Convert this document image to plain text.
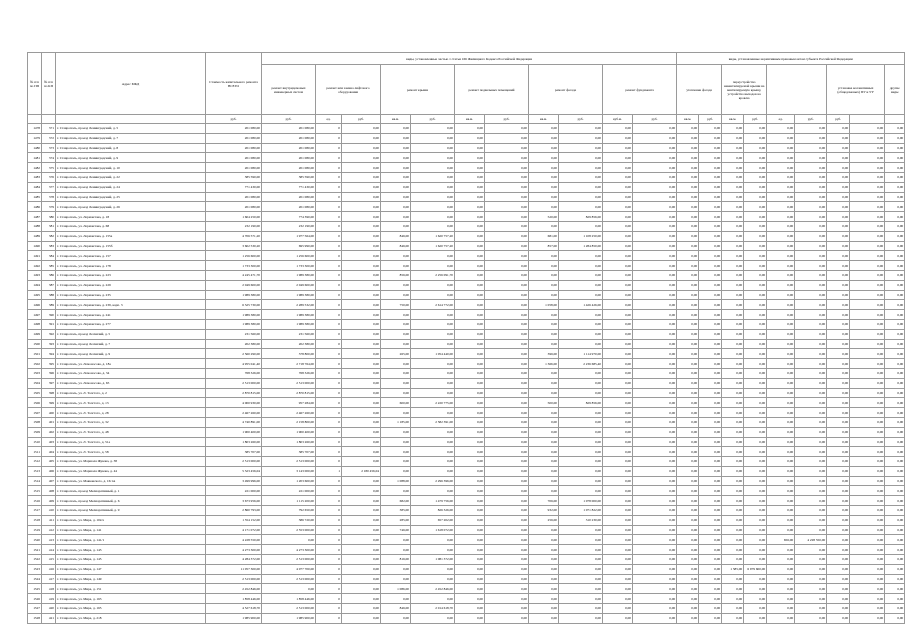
№ п/п по ПП	№ п/п по КП	Адрес МКД	Стоимость капитального ремонта ВСЕГО	виды, установленные частью 1 статьи 166 Жилищного Кодекса Российской Федерации											виды, установленные нормативным правовым актом субъекта Российской Федерации								
				ремонт внутридомовых инженерных систем	ремонт или замена лифтового оборудования		ремонт крыши		ремонт подвальных помещений		ремонт фасада		ремонт фундамента		утепление фасада		переустройство невентилируемой крыши на вентилируемую крышу, устройство выходов на кровлю				установка коллективных (общедомовых) ПУ и УУ		другие виды
			руб.	руб.	ед.	руб.	кв.м.	руб.	кв.м.	руб.	кв.м.	руб.	куб.м.	руб.	кв.м.	руб.	кв.м.	руб.	ед.	руб.	руб.		
1478	371	г. Ставрополь, проезд Ленинградский, д. 5	201 080,00	201 080,00	0	0,00	0,00	0,00	0,00	0,00	0,00	0,00	0,00	0,00	0,00	0,00	0,00	0,00	0,00	0,00	0,00	0,00	0,00
1479	372	г. Ставрополь, проезд Ленинградский, д. 7	201 080,00	201 080,00	0	0,00	0,00	0,00	0,00	0,00	0,00	0,00	0,00	0,00	0,00	0,00	0,00	0,00	0,00	0,00	0,00	0,00	0,00
1480	373	г. Ставрополь, проезд Ленинградский, д. 8	201 080,00	201 080,00	0	0,00	0,00	0,00	0,00	0,00	0,00	0,00	0,00	0,00	0,00	0,00	0,00	0,00	0,00	0,00	0,00	0,00	0,00
1481	374	г. Ставрополь, проезд Ленинградский, д. 9	201 080,00	201 080,00	0	0,00	0,00	0,00	0,00	0,00	0,00	0,00	0,00	0,00	0,00	0,00	0,00	0,00	0,00	0,00	0,00	0,00	0,00
1482	375	г. Ставрополь, проезд Ленинградский, д. 10	201 080,00	201 080,00	0	0,00	0,00	0,00	0,00	0,00	0,00	0,00	0,00	0,00	0,00	0,00	0,00	0,00	0,00	0,00	0,00	0,00	0,00
1483	376	г. Ставрополь, проезд Ленинградский, д. 22	385 590,00	385 590,00	0	0,00	0,00	0,00	0,00	0,00	0,00	0,00	0,00	0,00	0,00	0,00	0,00	0,00	0,00	0,00	0,00	0,00	0,00
1484	377	г. Ставрополь, проезд Ленинградский, д. 24	771 430,00	771 430,00	0	0,00	0,00	0,00	0,00	0,00	0,00	0,00	0,00	0,00	0,00	0,00	0,00	0,00	0,00	0,00	0,00	0,00	0,00
1485	378	г. Ставрополь, проезд Ленинградский, д. 25	201 080,00	201 080,00	0	0,00	0,00	0,00	0,00	0,00	0,00	0,00	0,00	0,00	0,00	0,00	0,00	0,00	0,00	0,00	0,00	0,00	0,00
1486	379	г. Ставрополь, проезд Ленинградский, д. 26	201 080,00	201 080,00	0	0,00	0,00	0,00	0,00	0,00	0,00	0,00	0,00	0,00	0,00	0,00	0,00	0,00	0,00	0,00	0,00	0,00	0,00
1487	380	г. Ставрополь, ул. Лермонтова, д. 18	1 604 250,00	774 390,00	0	0,00	0,00	0,00	0,00	0,00	520,00	829 856,00	0,00	0,00	0,00	0,00	0,00	0,00	0,00	0,00	0,00	0,00	0,00
1488	381	г. Ставрополь, ул. Лермонтова, д. 68	232 190,00	232 190,00	0	0,00	0,00	0,00	0,00	0,00	0,00	0,00	0,00	0,00	0,00	0,00	0,00	0,00	0,00	0,00	0,00	0,00	0,00
1489	382	г. Ставрополь, ул. Лермонтова, д. 155а	4 706 571,20	1 977 564,00	0	0,00	846,00	1 620 757,20	0,00	0,00	681,00	1 108 250,00	0,00	0,00	0,00	0,00	0,00	0,00	0,00	0,00	0,00	0,00	0,00
1490	383	г. Ставрополь, ул. Лермонтова, д. 155б	3 602 530,20	695 990,00	0	0,00	846,00	1 620 757,20	0,00	0,00	857,00	1 284 850,00	0,00	0,00	0,00	0,00	0,00	0,00	0,00	0,00	0,00	0,00	0,00
1491	384	г. Ставрополь, ул. Лермонтова, д. 157	1 256 600,00	1 256 600,00	0	0,00	0,00	0,00	0,00	0,00	0,00	0,00	0,00	0,00	0,00	0,00	0,00	0,00	0,00	0,00	0,00	0,00	0,00
1492	385	г. Ставрополь, ул. Лермонтова, д. 178	1 733 300,00	1 733 300,00	0	0,00	0,00	0,00	0,00	0,00	0,00	0,00	0,00	0,00	0,00	0,00	0,00	0,00	0,00	0,00	0,00	0,00	0,00
1493	386	г. Ставрополь, ул. Лермонтова, д. 223	4 245 471,70	1 989 380,00	0	0,00	856,00	2 256 091,70	0,00	0,00	0,00	0,00	0,00	0,00	0,00	0,00	0,00	0,00	0,00	0,00	0,00	0,00	0,00
1494	387	г. Ставрополь, ул. Лермонтова, д. 229	2 049 600,00	2 049 600,00	0	0,00	0,00	0,00	0,00	0,00	0,00	0,00	0,00	0,00	0,00	0,00	0,00	0,00	0,00	0,00	0,00	0,00	0,00
1495	388	г. Ставрополь, ул. Лермонтова, д. 235	1 989 380,00	1 989 380,00	0	0,00	0,00	0,00	0,00	0,00	0,00	0,00	0,00	0,00	0,00	0,00	0,00	0,00	0,00	0,00	0,00	0,00	0,00
1496	389	г. Ставрополь, ул. Лермонтова, д. 239, корп. 3	6 325 730,00	2 289 532,00	0	0,00	750,00	2 614 772,00	0,00	0,00	1 058,00	1 426 426,00	0,00	0,00	0,00	0,00	0,00	0,00	0,00	0,00	0,00	0,00	0,00
1497	390	г. Ставрополь, ул. Лермонтова, д. 241	1 989 380,00	1 989 380,00	0	0,00	0,00	0,00	0,00	0,00	0,00	0,00	0,00	0,00	0,00	0,00	0,00	0,00	0,00	0,00	0,00	0,00	0,00
1498	391	г. Ставрополь, ул. Лермонтова, д. 277	1 989 380,00	1 989 380,00	0	0,00	0,00	0,00	0,00	0,00	0,00	0,00	0,00	0,00	0,00	0,00	0,00	0,00	0,00	0,00	0,00	0,00	0,00
1499	392	г. Ставрополь, проезд Лесничий, д. 5	231 560,00	231 560,00	0	0,00	0,00	0,00	0,00	0,00	0,00	0,00	0,00	0,00	0,00	0,00	0,00	0,00	0,00	0,00	0,00	0,00	0,00
1500	393	г. Ставрополь, проезд Лесничий, д. 7	202 380,00	202 380,00	0	0,00	0,00	0,00	0,00	0,00	0,00	0,00	0,00	0,00	0,00	0,00	0,00	0,00	0,00	0,00	0,00	0,00	0,00
1501	394	г. Ставрополь, проезд Лесничий, д. 9	2 560 290,00	378 800,00	0	0,00	265,00	1 054 440,00	0,00	0,00	396,00	1 114 970,00	0,00	0,00	0,00	0,00	0,00	0,00	0,00	0,00	0,00	0,00	0,00
1502	395	г. Ставрополь, ул. Ломоносова, д. 18а	4 955 041,40	2 718 764,00	0	0,00	0,00	0,00	0,00	0,00	1 366,00	2 236 685,40	0,00	0,00	0,00	0,00	0,00	0,00	0,00	0,00	0,00	0,00	0,00
1503	396	г. Ставрополь, ул. Ломоносова, д. 34	768 326,00	768 326,00	0	0,00	0,00	0,00	0,00	0,00	0,00	0,00	0,00	0,00	0,00	0,00	0,00	0,00	0,00	0,00	0,00	0,00	0,00
1504	397	г. Ставрополь, ул. Ломоносова, д. 65	2 513 000,00	2 513 000,00	0	0,00	0,00	0,00	0,00	0,00	0,00	0,00	0,00	0,00	0,00	0,00	0,00	0,00	0,00	0,00	0,00	0,00	0,00
1505	398	г. Ставрополь, ул. Л. Толстого, д. 2	2 870 815,00	2 870 815,00	0	0,00	0,00	0,00	0,00	0,00	0,00	0,00	0,00	0,00	0,00	0,00	0,00	0,00	0,00	0,00	0,00	0,00	0,00
1506	399	г. Ставрополь, ул. Л. Толстого, д. 13	4 000 930,00	957 284,00	0	0,00	600,00	2 220 775,00	0,00	0,00	500,00	829 856,00	0,00	0,00	0,00	0,00	0,00	0,00	0,00	0,00	0,00	0,00	0,00
1507	400	г. Ставрополь, ул. Л. Толстого, д. 28	2 467 260,00	2 467 260,00	0	0,00	0,00	0,00	0,00	0,00	0,00	0,00	0,00	0,00	0,00	0,00	0,00	0,00	0,00	0,00	0,00	0,00	0,00
1508	401	г. Ставрополь, ул. Л. Толстого, д. 32	4 740 891,00	2 158 800,00	0	0,00	1 185,00	2 582 391,00	0,00	0,00	0,00	0,00	0,00	0,00	0,00	0,00	0,00	0,00	0,00	0,00	0,00	0,00	0,00
1509	402	г. Ставрополь, ул. Л. Толстого, д. 48	1 900 400,00	1 900 400,00	0	0,00	0,00	0,00	0,00	0,00	0,00	0,00	0,00	0,00	0,00	0,00	0,00	0,00	0,00	0,00	0,00	0,00	0,00
1510	403	г. Ставрополь, ул. Л. Толстого, д. 51а	1 803 260,00	1 803 260,00	0	0,00	0,00	0,00	0,00	0,00	0,00	0,00	0,00	0,00	0,00	0,00	0,00	0,00	0,00	0,00	0,00	0,00	0,00
1511	404	г. Ставрополь, ул. Л. Толстого, д. 58	385 707,00	385 707,00	0	0,00	0,00	0,00	0,00	0,00	0,00	0,00	0,00	0,00	0,00	0,00	0,00	0,00	0,00	0,00	0,00	0,00	0,00
1512	405	г. Ставрополь, ул. Маршала Жукова, д. 38	2 513 000,00	2 513 000,00	0	0,00	0,00	0,00	0,00	0,00	0,00	0,00	0,00	0,00	0,00	0,00	0,00	0,00	0,00	0,00	0,00	0,00	0,00
1513	406	г. Ставрополь, ул. Маршала Жукова, д. 44	5 323 456,04	3 143 000,00	1	2 180 456,04	0,00	0,00	0,00	0,00	0,00	0,00	0,00	0,00	0,00	0,00	0,00	0,00	0,00	0,00	0,00	0,00	0,00
1514	407	г. Ставрополь, ул. Маяковского, д. 16/1А	3 499 996,00	1 203 600,00	0	0,00	1 088,00	2 296 396,00	0,00	0,00	0,00	0,00	0,00	0,00	0,00	0,00	0,00	0,00	0,00	0,00	0,00	0,00	0,00
1515	408	г. Ставрополь, проезд Мелиоративный, д. 1	221 000,00	221 000,00	0	0,00	0,00	0,00	0,00	0,00	0,00	0,00	0,00	0,00	0,00	0,00	0,00	0,00	0,00	0,00	0,00	0,00	0,00
1516	409	г. Ставрополь, проезд Мелиоративный, д. 6	3 673 956,00	1 115 200,00	0	0,00	682,00	1 479 756,00	0,00	0,00	706,00	1 078 000,00	0,00	0,00	0,00	0,00	0,00	0,00	0,00	0,00	0,00	0,00	0,00
1517	410	г. Ставрополь, проезд Мелиоративный, д. 9	2 860 793,00	792 650,00	0	0,00	385,00	826 326,00	0,00	0,00	932,00	1 071 822,00	0,00	0,00	0,00	0,00	0,00	0,00	0,00	0,00	0,00	0,00	0,00
1518	411	г. Ставрополь, ул. Мира, д. 102/а	1 354 152,00	386 720,00	0	0,00	285,00	657 202,00	0,00	0,00	256,00	310 230,00	0,00	0,00	0,00	0,00	0,00	0,00	0,00	0,00	0,00	0,00	0,00
1519	412	г. Ставрополь, ул. Мира, д. 141	4 171 072,00	2 553 000,00	0	0,00	746,00	1 618 072,00	0,00	0,00	0,00	0,00	0,00	0,00	0,00	0,00	0,00	0,00	0,00	0,00	0,00	0,00	0,00
1520	413	г. Ставрополь, ул. Мира, д. 141/1	4 228 550,00	0,00	0	0,00	0,00	0,00	0,00	0,00	0,00	0,00	0,00	0,00	0,00	0,00	0,00	0,00	656,00	4 228 550,00	0,00	0,00	0,00
1521	414	г. Ставрополь, ул. Мира, д. 143	4 273 300,00	4 273 300,00	0	0,00	0,00	0,00	0,00	0,00	0,00	0,00	0,00	0,00	0,00	0,00	0,00	0,00	0,00	0,00	0,00	0,00	0,00
1522	415	г. Ставрополь, ул. Мира, д. 145	4 284 372,00	2 513 000,00	0	0,00	816,00	1 081 372,00	0,00	0,00	0,00	0,00	0,00	0,00	0,00	0,00	0,00	0,00	0,00	0,00	0,00	0,00	0,00
1523	416	г. Ставрополь, ул. Мира, д. 147	11 057 300,00	4 077 700,00	0	0,00	0,00	0,00	0,00	0,00	0,00	0,00	0,00	0,00	0,00	0,00	1 585,00	6 979 600,00	0,00	0,00	0,00	0,00	0,00
1524	417	г. Ставрополь, ул. Мира, д. 149	2 513 000,00	2 513 000,00	0	0,00	0,00	0,00	0,00	0,00	0,00	0,00	0,00	0,00	0,00	0,00	0,00	0,00	0,00	0,00	0,00	0,00	0,00
1525	418	г. Ставрополь, ул. Мира, д. 151	2 452 846,00	0,00	0	0,00	1 086,00	2 452 846,00	0,00	0,00	0,00	0,00	0,00	0,00	0,00	0,00	0,00	0,00	0,00	0,00	0,00	0,00	0,00
1526	419	г. Ставрополь, ул. Мира, д. 163	1 858 446,00	1 858 446,00	0	0,00	0,00	0,00	0,00	0,00	0,00	0,00	0,00	0,00	0,00	0,00	0,00	0,00	0,00	0,00	0,00	0,00	0,00
1527	420	г. Ставрополь, ул. Мира, д. 165	4 527 618,70	2 513 000,00	0	0,00	846,00	2 014 618,70	0,00	0,00	0,00	0,00	0,00	0,00	0,00	0,00	0,00	0,00	0,00	0,00	0,00	0,00	0,00
1528	421	г. Ставрополь, ул. Мира, д. 218	1 985 900,00	1 985 900,00	0	0,00	0,00	0,00	0,00	0,00	0,00	0,00	0,00	0,00	0,00	0,00	0,00	0,00	0,00	0,00	0,00	0,00	0,00
